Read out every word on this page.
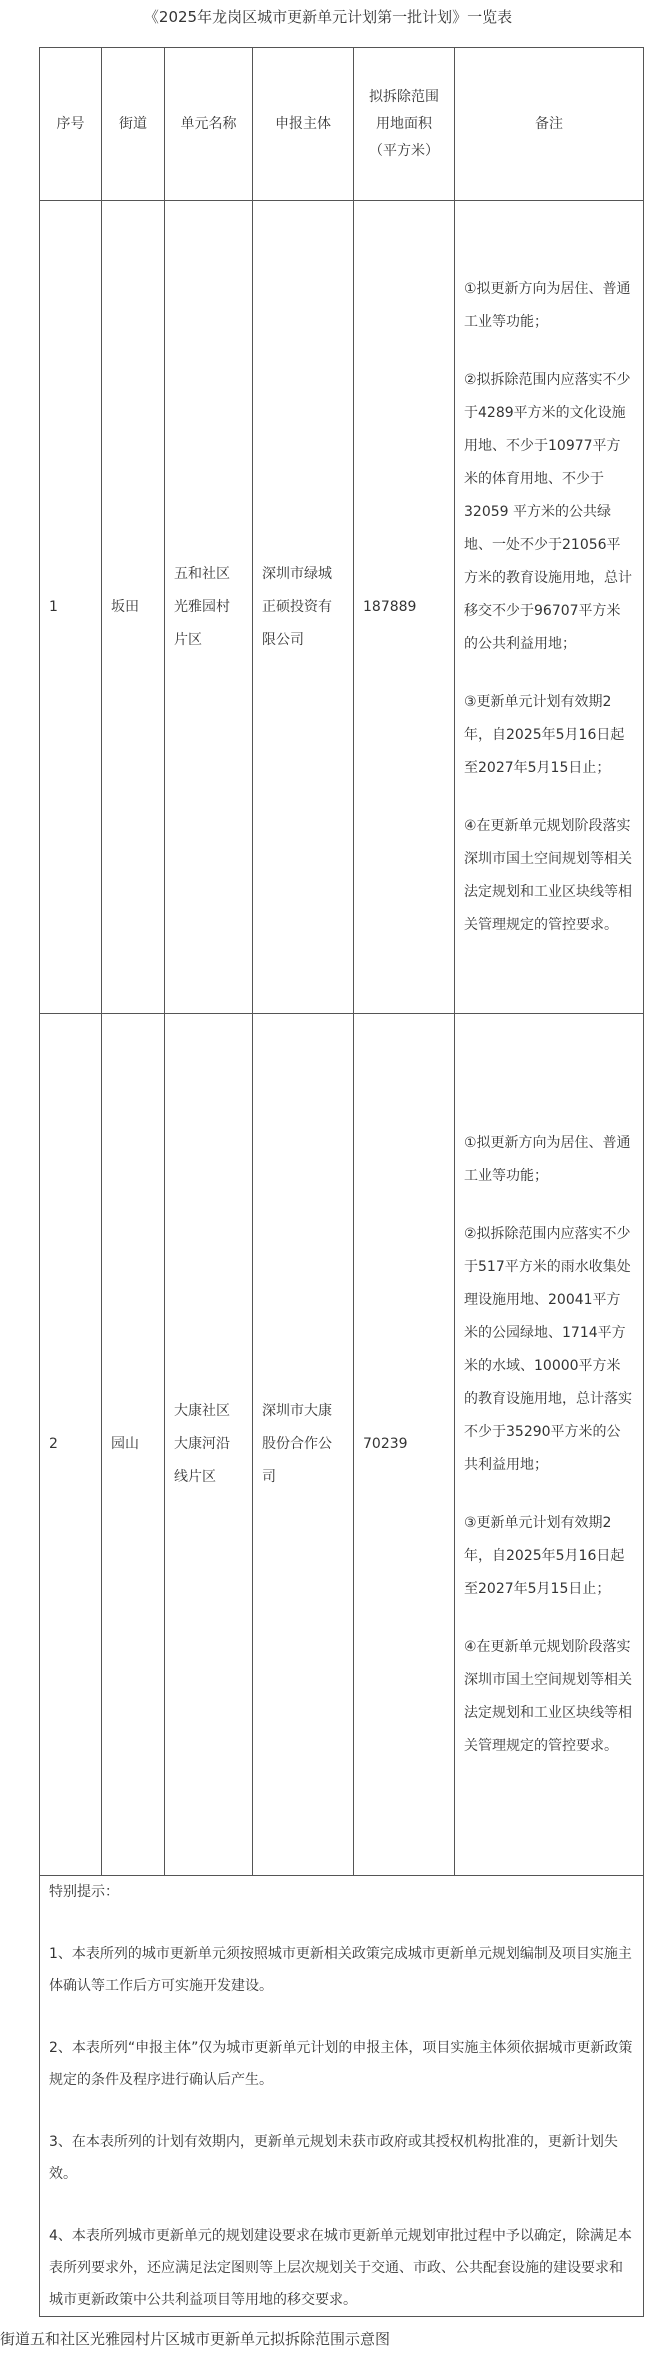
《2025年龙岗区城市更新单元计划第一批计划》一览表
序号	街道	单元名称	申报主体	拟拆除范围用地面积（平方米）	备注
1	坂田	五和社区光雅园村片区	深圳市绿城正硕投资有限公司	187889	①拟更新方向为居住、普通工业等功能；

②拟拆除范围内应落实不少于4289平方米的文化设施用地、不少于10977平方米的体育用地、不少于32059 平方米的公共绿地、一处不少于21056平方米的教育设施用地，总计移交不少于96707平方米的公共利益用地；

③更新单元计划有效期2年，自2025年5月16日起至2027年5月15日止；

④在更新单元规划阶段落实深圳市国土空间规划等相关法定规划和工业区块线等相关管理规定的管控要求。

2	园山	大康社区大康河沿线片区	深圳市大康股份合作公司	70239	①拟更新方向为居住、普通工业等功能；

②拟拆除范围内应落实不少于517平方米的雨水收集处理设施用地、20041平方米的公园绿地、1714平方米的水域、10000平方米的教育设施用地，总计落实不少于35290平方米的公共利益用地；

③更新单元计划有效期2年，自2025年5月16日起至2027年5月15日止；

④在更新单元规划阶段落实深圳市国土空间规划等相关法定规划和工业区块线等相关管理规定的管控要求。

特别提示：

1、本表所列的城市更新单元须按照城市更新相关政策完成城市更新单元规划编制及项目实施主体确认等工作后方可实施开发建设。

2、本表所列“申报主体”仅为城市更新单元计划的申报主体，项目实施主体须依据城市更新政策规定的条件及程序进行确认后产生。

3、在本表所列的计划有效期内，更新单元规划未获市政府或其授权机构批准的，更新计划失效。

4、本表所列城市更新单元的规划建设要求在城市更新单元规划审批过程中予以确定，除满足本表所列要求外，还应满足法定图则等上层次规划关于交通、市政、公共配套设施的建设要求和城市更新政策中公共利益项目等用地的移交要求。					

街道五和社区光雅园村片区城市更新单元拟拆除范围示意图
